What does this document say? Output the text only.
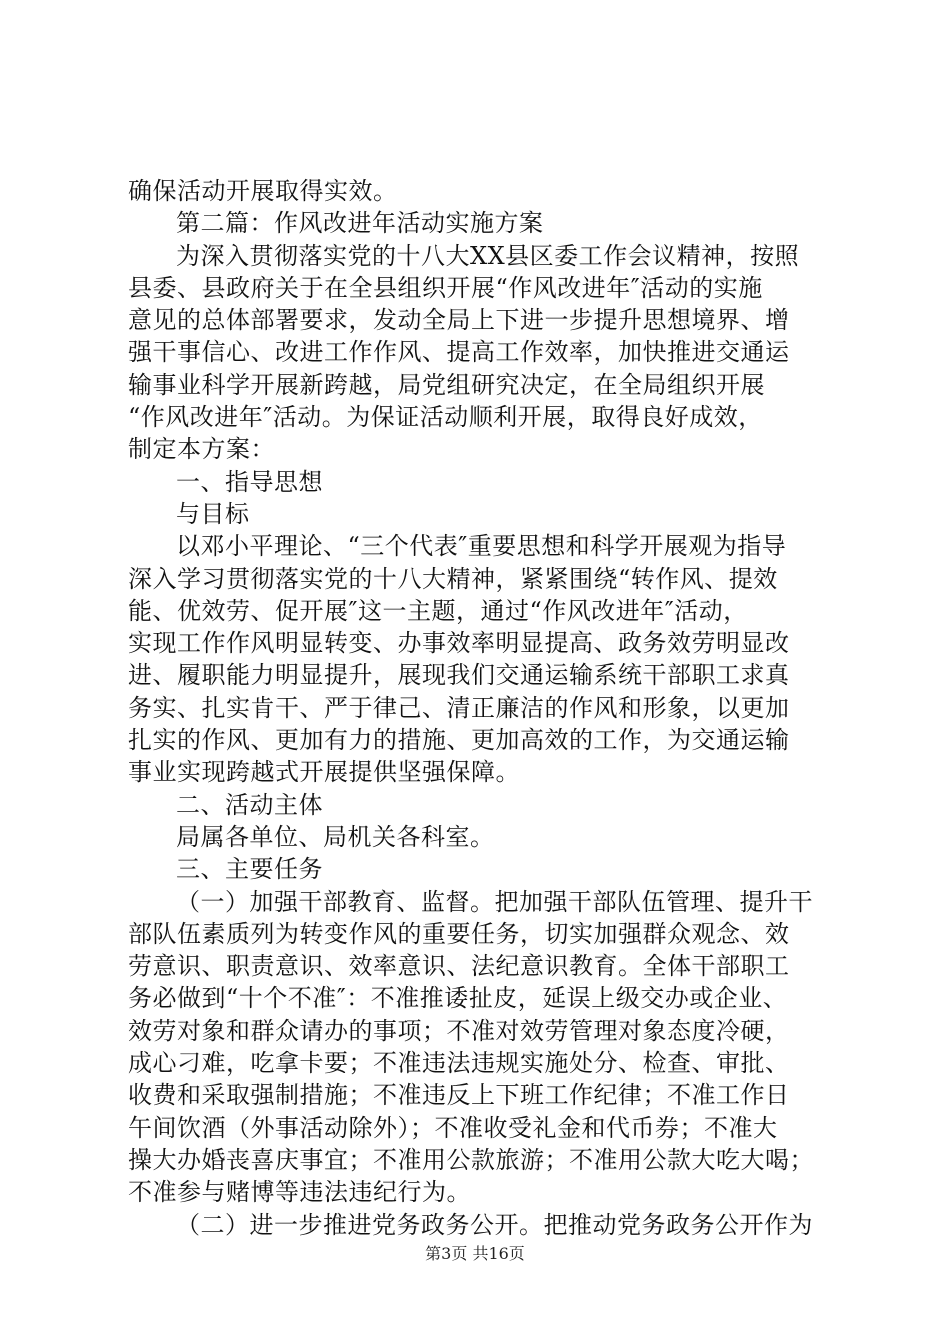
确保活动开展取得实效。
第二篇：作风改进年活动实施方案
为深入贯彻落实党的十八大XX县区委工作会议精神，按照
县委、县政府关于在全县组织开展“作风改进年″活动的实施
意见的总体部署要求，发动全局上下进一步提升思想境界、增
强干事信心、改进工作作风、提高工作效率，加快推进交通运
输事业科学开展新跨越，局党组研究决定，在全局组织开展
“作风改进年″活动。为保证活动顺利开展，取得良好成效，
制定本方案：
一、指导思想
与目标
以邓小平理论、“三个代表″重要思想和科学开展观为指导
深入学习贯彻落实党的十八大精神，紧紧围绕“转作风、提效
能、优效劳、促开展″这一主题，通过“作风改进年″活动，
实现工作作风明显转变、办事效率明显提高、政务效劳明显改
进、履职能力明显提升，展现我们交通运输系统干部职工求真
务实、扎实肯干、严于律己、清正廉洁的作风和形象，以更加
扎实的作风、更加有力的措施、更加高效的工作，为交通运输
事业实现跨越式开展提供坚强保障。
二、活动主体
局属各单位、局机关各科室。
三、主要任务
（一）加强干部教育、监督。把加强干部队伍管理、提升干
部队伍素质列为转变作风的重要任务，切实加强群众观念、效
劳意识、职责意识、效率意识、法纪意识教育。全体干部职工
务必做到“十个不准″：不准推诿扯皮，延误上级交办或企业、
效劳对象和群众请办的事项；不准对效劳管理对象态度冷硬，
成心刁难，吃拿卡要；不准违法违规实施处分、检查、审批、
收费和采取强制措施；不准违反上下班工作纪律；不准工作日
午间饮酒（外事活动除外）；不准收受礼金和代币券；不准大
操大办婚丧喜庆事宜；不准用公款旅游；不准用公款大吃大喝；
不准参与赌博等违法违纪行为。
（二）进一步推进党务政务公开。把推动党务政务公开作为
第3页 共16页
